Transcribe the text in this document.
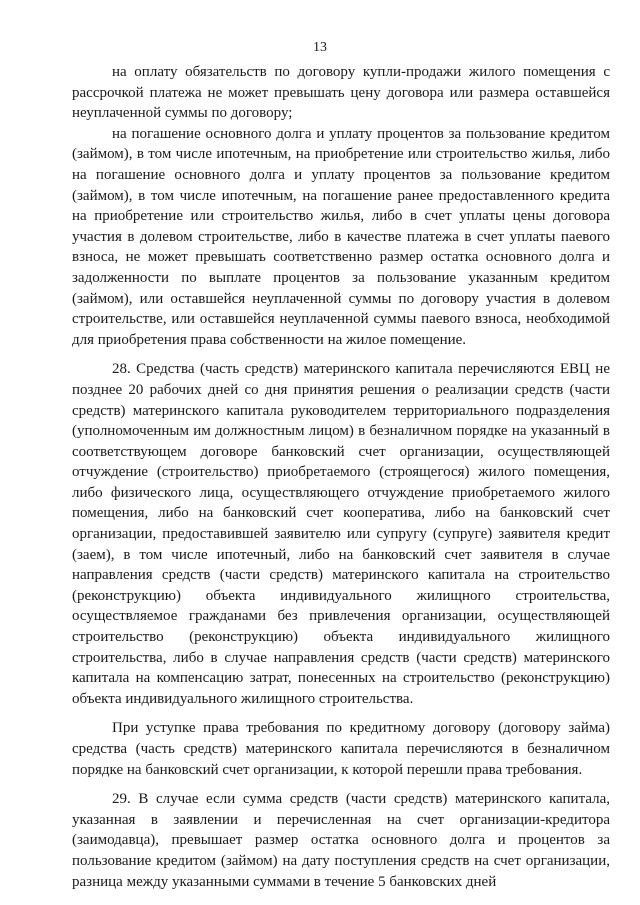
13

на оплату обязательств по договору купли-продажи жилого помещения с рассрочкой платежа не может превышать цену договора или размера оставшейся неуплаченной суммы по договору;

на погашение основного долга и уплату процентов за пользование кредитом (займом), в том числе ипотечным, на приобретение или строительство жилья, либо на погашение основного долга и уплату процентов за пользование кредитом (займом), в том числе ипотечным, на погашение ранее предоставленного кредита на приобретение или строительство жилья, либо в счет уплаты цены договора участия в долевом строительстве, либо в качестве платежа в счет уплаты паевого взноса, не может превышать соответственно размер остатка основного долга и задолженности по выплате процентов за пользование указанным кредитом (займом), или оставшейся неуплаченной суммы по договору участия в долевом строительстве, или оставшейся неуплаченной суммы паевого взноса, необходимой для приобретения права собственности на жилое помещение.

28. Средства (часть средств) материнского капитала перечисляются ЕВЦ не позднее 20 рабочих дней со дня принятия решения о реализации средств (части средств) материнского капитала руководителем территориального подразделения (уполномоченным им должностным лицом) в безналичном порядке на указанный в соответствующем договоре банковский счет организации, осуществляющей отчуждение (строительство) приобретаемого (строящегося) жилого помещения, либо физического лица, осуществляющего отчуждение приобретаемого жилого помещения, либо на банковский счет кооператива, либо на банковский счет организации, предоставившей заявителю или супругу (супруге) заявителя кредит (заем), в том числе ипотечный, либо на банковский счет заявителя в случае направления средств (части средств) материнского капитала на строительство (реконструкцию) объекта индивидуального жилищного строительства, осуществляемое гражданами без привлечения организации, осуществляющей строительство (реконструкцию) объекта индивидуального жилищного строительства, либо в случае направления средств (части средств) материнского капитала на компенсацию затрат, понесенных на строительство (реконструкцию) объекта индивидуального жилищного строительства.

При уступке права требования по кредитному договору (договору займа) средства (часть средств) материнского капитала перечисляются в безналичном порядке на банковский счет организации, к которой перешли права требования.

29. В случае если сумма средств (части средств) материнского капитала, указанная в заявлении и перечисленная на счет организации-кредитора (заимодавца), превышает размер остатка основного долга и процентов за пользование кредитом (займом) на дату поступления средств на счет организации, разница между указанными суммами в течение 5 банковских дней
